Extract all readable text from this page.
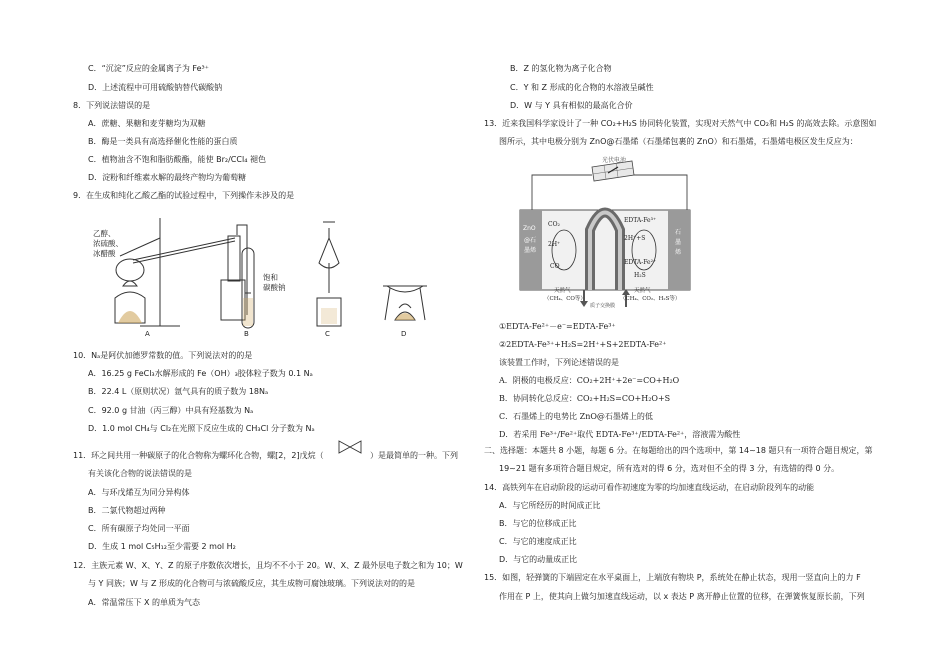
C．“沉淀”反应的金属离子为 Fe³⁺
D．上述流程中可用硫酸钠替代碳酸钠
8．下列说法错误的是
A．蔗糖、果糖和麦芽糖均为双糖
B．酶是一类具有高选择催化性能的蛋白质
C．植物油含不饱和脂肪酸酯，能使 Br₂/CCl₄ 褪色
D．淀粉和纤维素水解的最终产物均为葡萄糖
9．在生成和纯化乙酸乙酯的试验过程中，下列操作未涉及的是
乙醇、
浓硫酸、
冰醋酸
饱和
碳酸钠
A	B	C	D
10．Nₐ是阿伏加德罗常数的值。下列说法对的的是
A．16.25 g FeCl₃水解形成的 Fe（OH）₃胶体粒子数为 0.1 Nₐ
B．22.4 L（原则状况）氩气具有的质子数为 18Nₐ
C．92.0 g 甘油（丙三醇）中具有羟基数为 Nₐ
D．1.0 mol CH₄与 Cl₂在光照下反应生成的 CH₃Cl 分子数为 Nₐ
11．环之间共用一种碳原子的化合物称为螺环化合物，螺[2，2]戊烷（	）是最简单的一种。下列
有关该化合物的说法错误的是
A．与环戊烯互为同分异构体
B．二氯代物超过两种
C．所有碳原子均处同一平面
D．生成 1 mol C₅H₁₂至少需要 2 mol H₂
12．主族元素 W、X、Y、Z 的原子序数依次增长，且均不不小于 20。W、X、Z 最外层电子数之和为 10；W
与 Y 同族；W 与 Z 形成的化合物可与浓硫酸反应，其生成物可腐蚀玻璃。下列说法对的的是
A．常温常压下 X 的单质为气态
B．Z 的氢化物为离子化合物
C．Y 和 Z 形成的化合物的水溶液呈碱性
D．W 与 Y 具有相似的最高化合价
13．近来我国科学家设计了一种 CO₂+H₂S 协同转化装置，实现对天然气中 CO₂和 H₂S 的高效去除。示意图如
图所示，其中电极分别为 ZnO@石墨烯（石墨烯包裹的 ZnO）和石墨烯，石墨烯电极区发生反应为：
光伏电池
ZnO
@石
墨烯
石
墨
烯
CO₂
2H⁺
CO
EDTA-Fe³⁺
EDTA-Fe²⁺
2H⁺+S
H₂S
质子交换膜
天然气
（CH₄、CO等）
天然气
（CH₄、CO₂、H₂S等）
①EDTA-Fe²⁺－e⁻=EDTA-Fe³⁺
②2EDTA-Fe³⁺+H₂S=2H⁺+S+2EDTA-Fe²⁺
该装置工作时，下列论述错误的是
A．阴极的电极反应：CO₂+2H⁺+2e⁻=CO+H₂O
B．协同转化总反应：CO₂+H₂S=CO+H₂O+S
C．石墨烯上的电势比 ZnO@石墨烯上的低
D．若采用 Fe³⁺/Fe²⁺取代 EDTA-Fe³⁺/EDTA-Fe²⁺，溶液需为酸性
二、选择题：本题共 8 小题，每题 6 分。在每题给出的四个选项中，第 14~18 题只有一项符合题目规定，第
19~21 题有多项符合题目规定，所有选对的得 6 分，选对但不全的得 3 分，有选错的得 0 分。
14．高铁列车在启动阶段的运动可看作初速度为零的均加速直线运动，在启动阶段列车的动能
A．与它所经历的时间成正比
B．与它的位移成正比
C．与它的速度成正比
D．与它的动量成正比
15．如图，轻弹簧的下端固定在水平桌面上，上端放有物块 P，系统处在静止状态，现用一竖直向上的力 F
作用在 P 上，使其向上做匀加速直线运动，以 x 表达 P 离开静止位置的位移，在弹簧恢复原长前，下列
